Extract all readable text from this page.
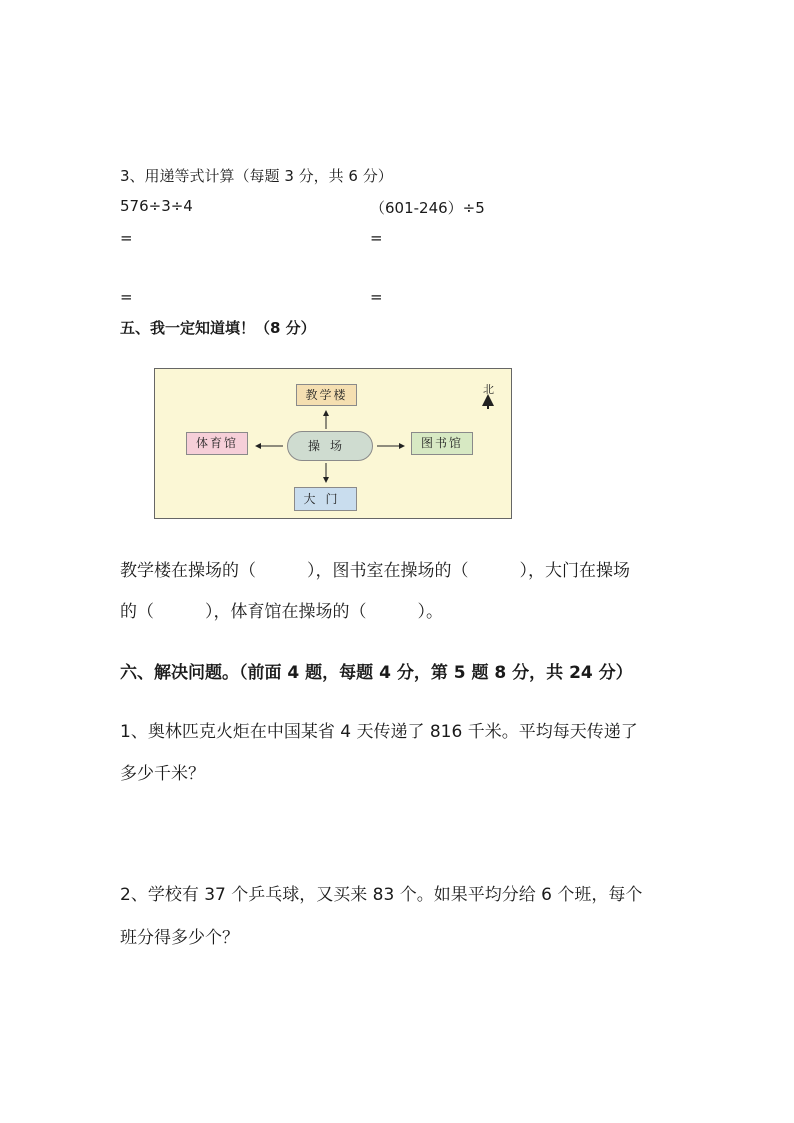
3、用递等式计算（每题 3 分，共 6 分）
576÷3÷4	（601-246）÷5
=	=
=	=
五、我一定知道填！（8 分）
教学楼
体育馆	操场	图书馆
大门
北
教学楼在操场的（　　　），图书室在操场的（　　　），大门在操场
的（　　　），体育馆在操场的（　　　）。
六、解决问题。（前面 4 题，每题 4 分，第 5 题 8 分，共 24 分）
1、奥林匹克火炬在中国某省 4 天传递了 816 千米。平均每天传递了
多少千米？
2、学校有 37 个乒乓球，又买来 83 个。如果平均分给 6 个班，每个
班分得多少个？
